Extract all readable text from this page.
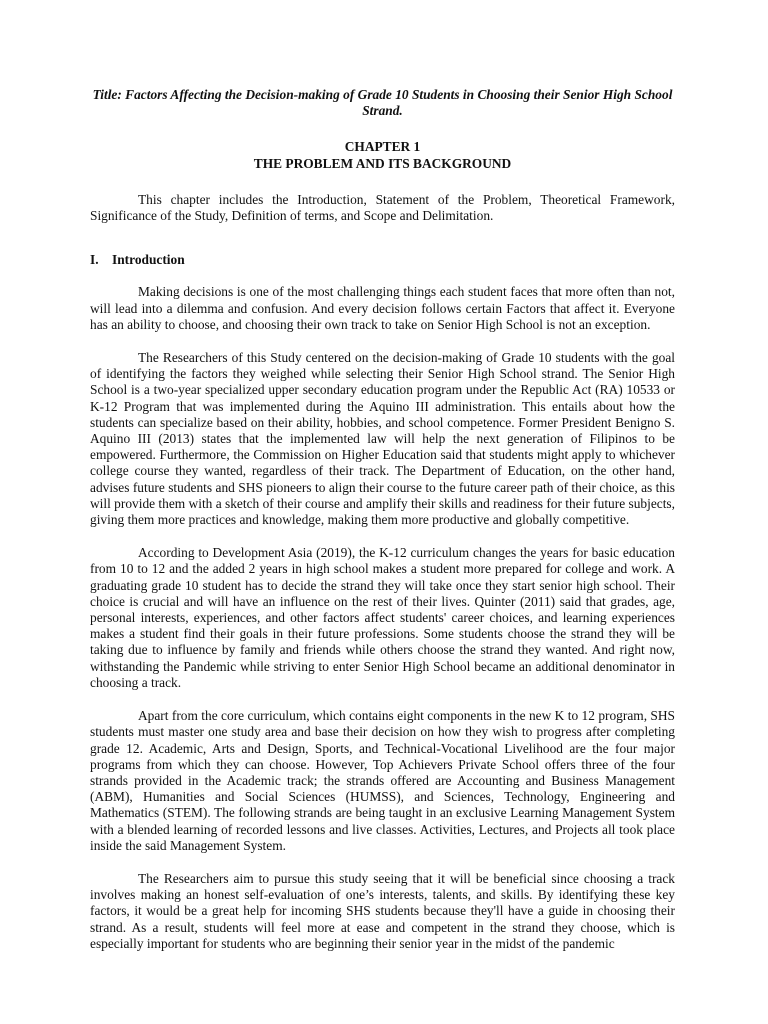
Title: Factors Affecting the Decision-making of Grade 10 Students in Choosing their Senior High School Strand.
CHAPTER 1
THE PROBLEM AND ITS BACKGROUND

This chapter includes the Introduction, Statement of the Problem, Theoretical Framework, Significance of the Study, Definition of terms, and Scope and Delimitation.

I. Introduction

Making decisions is one of the most challenging things each student faces that more often than not, will lead into a dilemma and confusion. And every decision follows certain Factors that affect it. Everyone has an ability to choose, and choosing their own track to take on Senior High School is not an exception.

The Researchers of this Study centered on the decision-making of Grade 10 students with the goal of identifying the factors they weighed while selecting their Senior High School strand. The Senior High School is a two-year specialized upper secondary education program under the Republic Act (RA) 10533 or K-12 Program that was implemented during the Aquino III administration. This entails about how the students can specialize based on their ability, hobbies, and school competence. Former President Benigno S. Aquino III (2013) states that the implemented law will help the next generation of Filipinos to be empowered. Furthermore, the Commission on Higher Education said that students might apply to whichever college course they wanted, regardless of their track. The Department of Education, on the other hand, advises future students and SHS pioneers to align their course to the future career path of their choice, as this will provide them with a sketch of their course and amplify their skills and readiness for their future subjects, giving them more practices and knowledge, making them more productive and globally competitive.

According to Development Asia (2019), the K-12 curriculum changes the years for basic education from 10 to 12 and the added 2 years in high school makes a student more prepared for college and work. A graduating grade 10 student has to decide the strand they will take once they start senior high school. Their choice is crucial and will have an influence on the rest of their lives. Quinter (2011) said that grades, age, personal interests, experiences, and other factors affect students' career choices, and learning experiences makes a student find their goals in their future professions. Some students choose the strand they will be taking due to influence by family and friends while others choose the strand they wanted. And right now, withstanding the Pandemic while striving to enter Senior High School became an additional denominator in choosing a track.

Apart from the core curriculum, which contains eight components in the new K to 12 program, SHS students must master one study area and base their decision on how they wish to progress after completing grade 12. Academic, Arts and Design, Sports, and Technical-Vocational Livelihood are the four major programs from which they can choose. However, Top Achievers Private School offers three of the four strands provided in the Academic track; the strands offered are Accounting and Business Management (ABM), Humanities and Social Sciences (HUMSS), and Sciences, Technology, Engineering and Mathematics (STEM). The following strands are being taught in an exclusive Learning Management System with a blended learning of recorded lessons and live classes. Activities, Lectures, and Projects all took place inside the said Management System.

The Researchers aim to pursue this study seeing that it will be beneficial since choosing a track involves making an honest self-evaluation of one’s interests, talents, and skills. By identifying these key factors, it would be a great help for incoming SHS students because they'll have a guide in choosing their strand. As a result, students will feel more at ease and competent in the strand they choose, which is especially important for students who are beginning their senior year in the midst of the pandemic
